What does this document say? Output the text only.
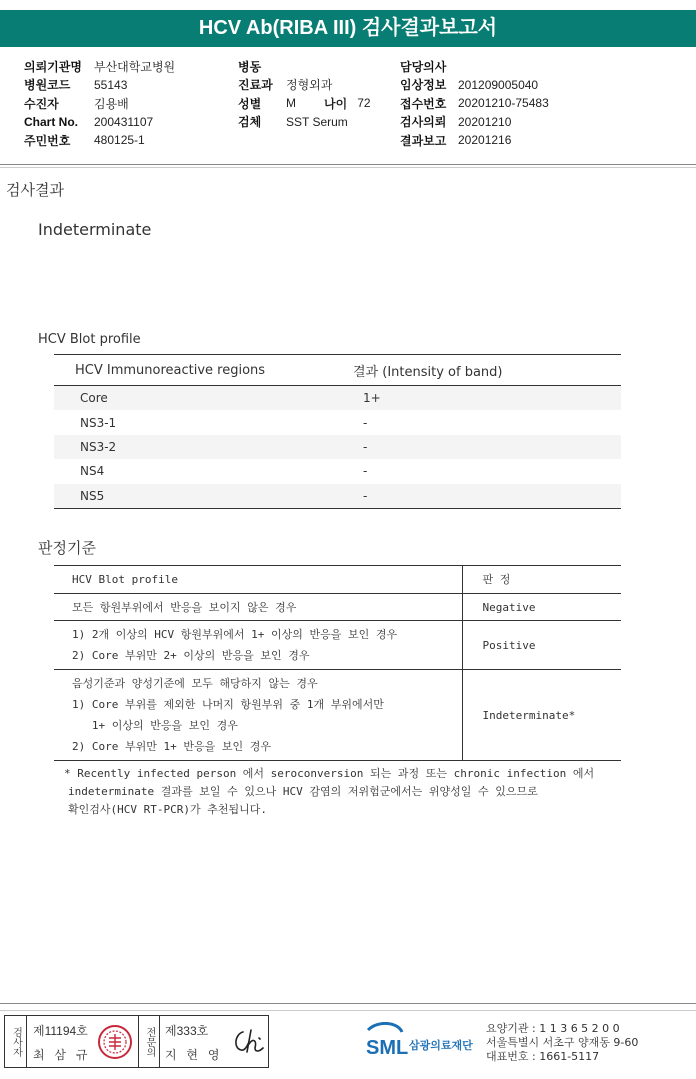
HCV Ab(RIBA III) 검사결과보고서
의뢰기관명	부산대학교병원
병원코드	55143
수진자	김용배
Chart No.	200431107
주민번호	480125-1
병동
진료과	정형외과
성별	M 나이 72
검체	SST Serum
담당의사
임상정보 201209005040
접수번호 20201210-75483
검사의뢰 20201210
결과보고 20201216
검사결과
Indeterminate
HCV Blot profile
HCV Immunoreactive regions	결과 (Intensity of band)
Core	1+
NS3-1	-
NS3-2	-
NS4	-
NS5	-
판정기준
HCV Blot profile	판 정

모든 항원부위에서 반응을 보이지 않은 경우	Negative

1) 2개 이상의 HCV 항원부위에서 1+ 이상의 반응을 보인 경우
2) Core 부위만 2+ 이상의 반응을 보인 경우	Positive

음성기준과 양성기준에 모두 해당하지 않는 경우
1) Core 부위를 제외한 나머지 항원부위 중 1개 부위에서만
1+ 이상의 반응을 보인 경우
2) Core 부위만 1+ 반응을 보인 경우	Indeterminate*
* Recently infected person 에서 seroconversion 되는 과정 또는 chronic infection 에서
indeterminate 결과를 보일 수 있으나 HCV 감염의 저위험군에서는 위양성일 수 있으므로
확인검사(HCV RT-PCR)가 추천됩니다.
검사자 제11194호
최 삼 규	전문의 제333호
지 현 영	SML 삼광의료재단
요양기관 : 1 1 3 6 5 2 0 0
서울특별시 서초구 양재동 9-60
대표번호 : 1661-5117
